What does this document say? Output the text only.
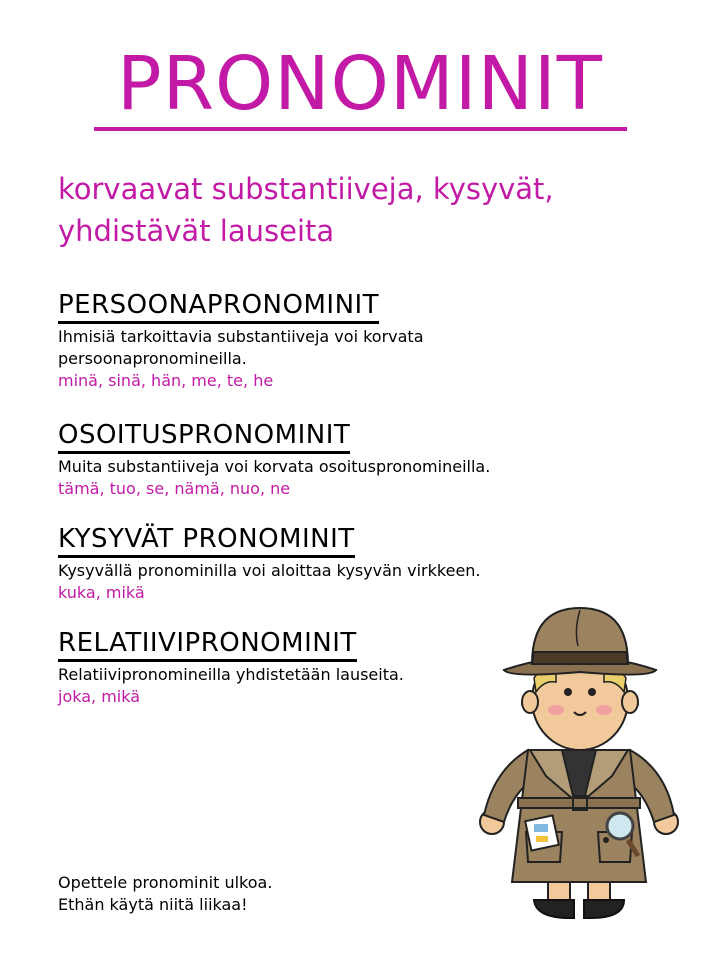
PRONOMINIT
korvaavat substantiiveja, kysyvät, yhdistävät lauseita
PERSOONAPRONOMINIT
Ihmisiä tarkoittavia substantiiveja voi korvata persoonapronomineilla.
minä, sinä, hän, me, te, he
OSOITUSPRONOMINIT
Muita substantiiveja voi korvata osoituspronomineilla.
tämä, tuo, se, nämä, nuo, ne
KYSYVÄT PRONOMINIT
Kysyvällä pronominilla voi aloittaa kysyvän virkkeen.
kuka, mikä
RELATIIVIPRONOMINIT
Relatiivipronomineilla yhdistetään lauseita.
joka, mikä
Opettele pronominit ulkoa.
Ethän käytä niitä liikaa!
